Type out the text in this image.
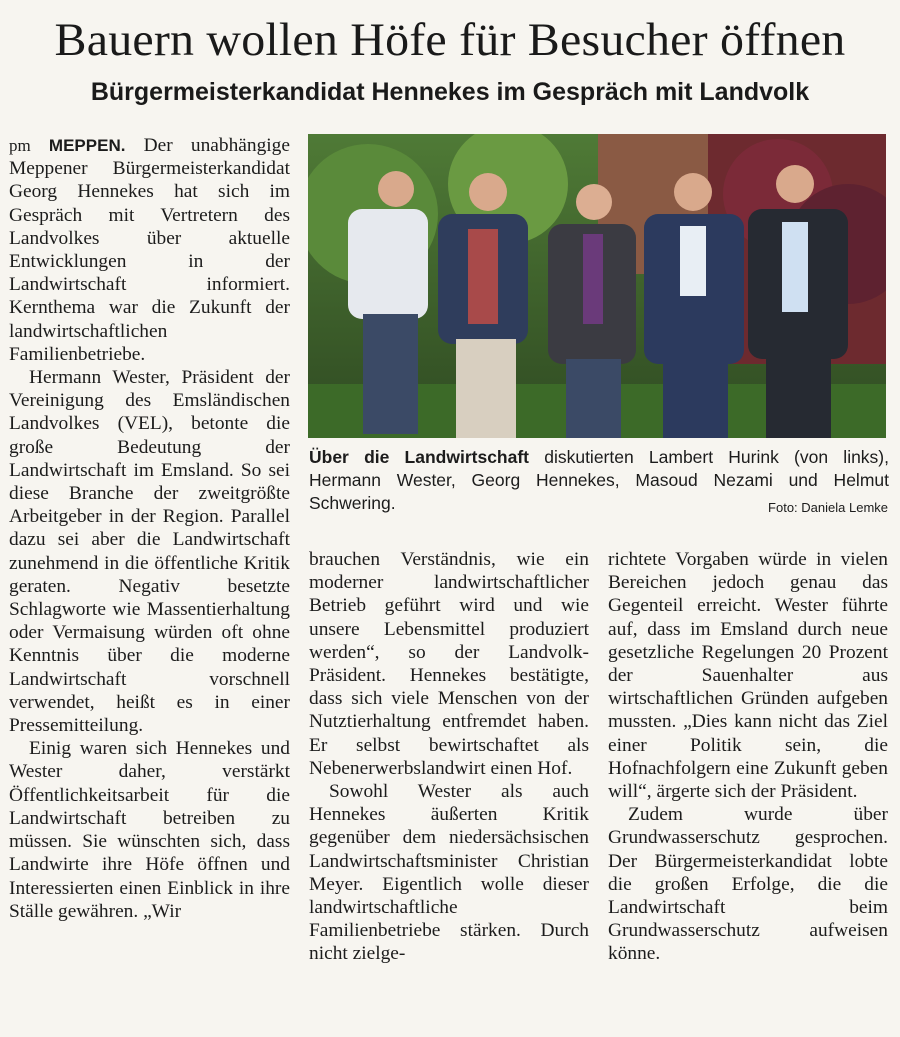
Bauern wollen Höfe für Besucher öffnen
Bürgermeisterkandidat Hennekes im Gespräch mit Landvolk

pm MEPPEN. Der unabhängige Meppener Bürgermeisterkandidat Georg Hennekes hat sich im Gespräch mit Vertretern des Landvolkes über aktuelle Entwicklungen in der Landwirtschaft informiert. Kernthema war die Zukunft der landwirtschaftlichen Familienbetriebe.

Hermann Wester, Präsident der Vereinigung des Emsländischen Landvolkes (VEL), betonte die große Bedeutung der Landwirtschaft im Emsland. So sei diese Branche der zweitgrößte Arbeitgeber in der Region. Parallel dazu sei aber die Landwirtschaft zunehmend in die öffentliche Kritik geraten. Negativ besetzte Schlagworte wie Massentierhaltung oder Vermaisung würden oft ohne Kenntnis über die moderne Landwirtschaft vorschnell verwendet, heißt es in einer Pressemitteilung.

Einig waren sich Hennekes und Wester daher, verstärkt Öffentlichkeitsarbeit für die Landwirtschaft betreiben zu müssen. Sie wünschten sich, dass Landwirte ihre Höfe öffnen und Interessierten einen Einblick in ihre Ställe gewähren. „Wir

Über die Landwirtschaft diskutierten Lambert Hurink (von links), Hermann Wester, Georg Hennekes, Masoud Nezami und Helmut Schwering.	Foto: Daniela Lemke

brauchen Verständnis, wie ein moderner landwirtschaftlicher Betrieb geführt wird und wie unsere Lebensmittel produziert werden“, so der Landvolk-Präsident. Hennekes bestätigte, dass sich viele Menschen von der Nutztierhaltung entfremdet haben. Er selbst bewirtschaftet als Nebenerwerbslandwirt einen Hof.

Sowohl Wester als auch Hennekes äußerten Kritik gegenüber dem niedersächsischen Landwirtschaftsminister Christian Meyer. Eigentlich wolle dieser landwirtschaftliche Familienbetriebe stärken. Durch nicht zielge-

richtete Vorgaben würde in vielen Bereichen jedoch genau das Gegenteil erreicht. Wester führte auf, dass im Emsland durch neue gesetzliche Regelungen 20 Prozent der Sauenhalter aus wirtschaftlichen Gründen aufgeben mussten. „Dies kann nicht das Ziel einer Politik sein, die Hofnachfolgern eine Zukunft geben will“, ärgerte sich der Präsident.

Zudem wurde über Grundwasserschutz gesprochen. Der Bürgermeisterkandidat lobte die großen Erfolge, die die Landwirtschaft beim Grundwasserschutz aufweisen könne.
